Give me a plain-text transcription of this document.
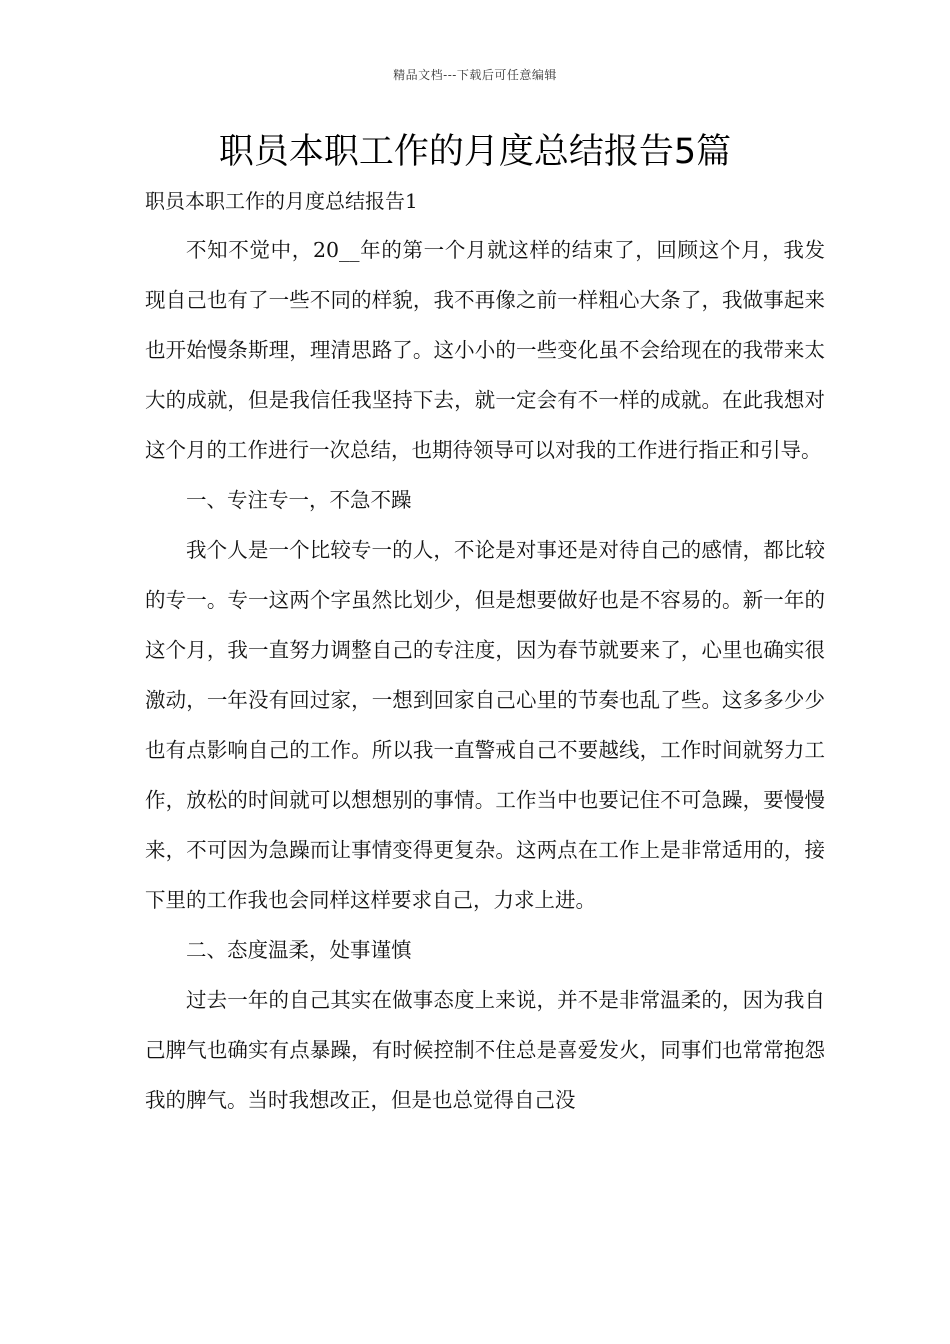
精品文档---下载后可任意编辑
职员本职工作的月度总结报告5篇
职员本职工作的月度总结报告1

不知不觉中，20__年的第一个月就这样的结束了，回顾这个月，我发现自己也有了一些不同的样貌，我不再像之前一样粗心大条了，我做事起来也开始慢条斯理，理清思路了。这小小的一些变化虽不会给现在的我带来太大的成就，但是我信任我坚持下去，就一定会有不一样的成就。在此我想对这个月的工作进行一次总结，也期待领导可以对我的工作进行指正和引导。

一、专注专一，不急不躁

我个人是一个比较专一的人，不论是对事还是对待自己的感情，都比较的专一。专一这两个字虽然比划少，但是想要做好也是不容易的。新一年的这个月，我一直努力调整自己的专注度，因为春节就要来了，心里也确实很激动，一年没有回过家，一想到回家自己心里的节奏也乱了些。这多多少少也有点影响自己的工作。所以我一直警戒自己不要越线，工作时间就努力工作，放松的时间就可以想想别的事情。工作当中也要记住不可急躁，要慢慢来，不可因为急躁而让事情变得更复杂。这两点在工作上是非常适用的，接下里的工作我也会同样这样要求自己，力求上进。

二、态度温柔，处事谨慎

过去一年的自己其实在做事态度上来说，并不是非常温柔的，因为我自己脾气也确实有点暴躁，有时候控制不住总是喜爱发火，同事们也常常抱怨我的脾气。当时我想改正，但是也总觉得自己没
